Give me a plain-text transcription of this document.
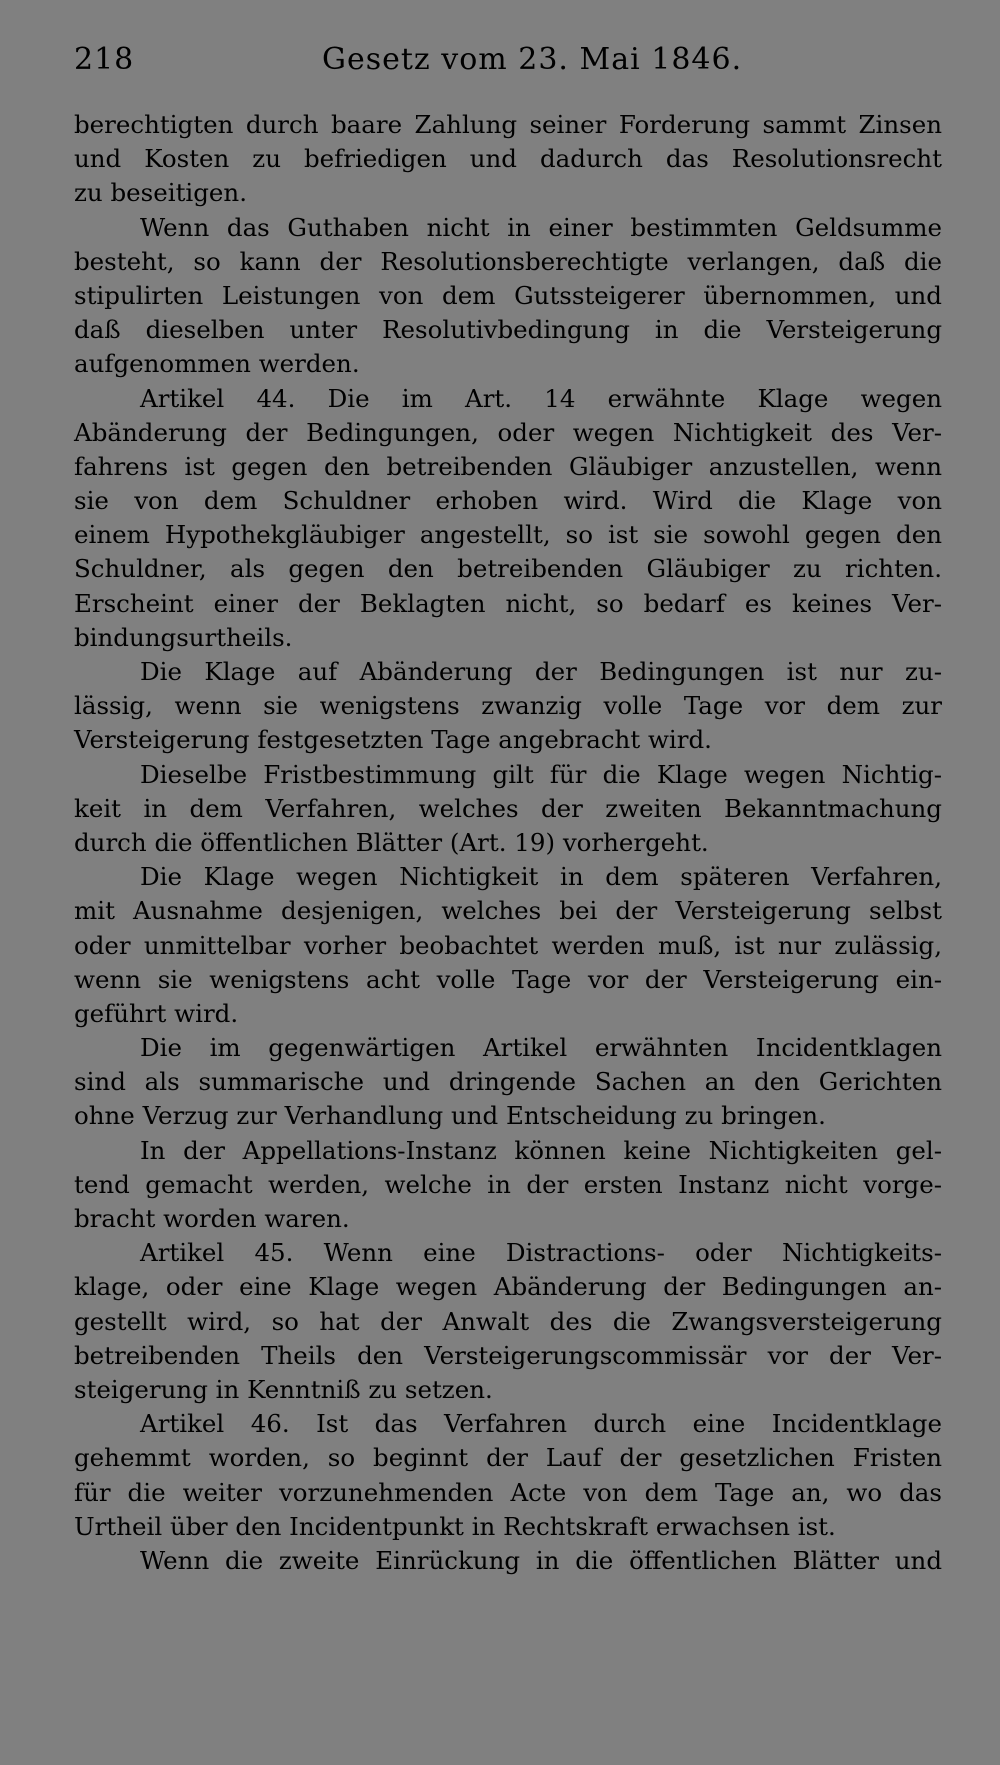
218	Gesetz vom 23. Mai 1846.
berechtigten durch baare Zahlung seiner Forderung sammt Zinsen
und Kosten zu befriedigen und dadurch das Resolutionsrecht
zu beseitigen.
Wenn das Guthaben nicht in einer bestimmten Geldsumme
besteht, so kann der Resolutionsberechtigte verlangen, daß die
stipulirten Leistungen von dem Gutssteigerer übernommen, und
daß dieselben unter Resolutivbedingung in die Versteigerung
aufgenommen werden.
Artikel 44. Die im Art. 14 erwähnte Klage wegen
Abänderung der Bedingungen, oder wegen Nichtigkeit des Ver-
fahrens ist gegen den betreibenden Gläubiger anzustellen, wenn
sie von dem Schuldner erhoben wird. Wird die Klage von
einem Hypothekgläubiger angestellt, so ist sie sowohl gegen den
Schuldner, als gegen den betreibenden Gläubiger zu richten.
Erscheint einer der Beklagten nicht, so bedarf es keines Ver-
bindungsurtheils.
Die Klage auf Abänderung der Bedingungen ist nur zu-
lässig, wenn sie wenigstens zwanzig volle Tage vor dem zur
Versteigerung festgesetzten Tage angebracht wird.
Dieselbe Fristbestimmung gilt für die Klage wegen Nichtig-
keit in dem Verfahren, welches der zweiten Bekanntmachung
durch die öffentlichen Blätter (Art. 19) vorhergeht.
Die Klage wegen Nichtigkeit in dem späteren Verfahren,
mit Ausnahme desjenigen, welches bei der Versteigerung selbst
oder unmittelbar vorher beobachtet werden muß, ist nur zulässig,
wenn sie wenigstens acht volle Tage vor der Versteigerung ein-
geführt wird.
Die im gegenwärtigen Artikel erwähnten Incidentklagen
sind als summarische und dringende Sachen an den Gerichten
ohne Verzug zur Verhandlung und Entscheidung zu bringen.
In der Appellations-Instanz können keine Nichtigkeiten gel-
tend gemacht werden, welche in der ersten Instanz nicht vorge-
bracht worden waren.
Artikel 45. Wenn eine Distractions- oder Nichtigkeits-
klage, oder eine Klage wegen Abänderung der Bedingungen an-
gestellt wird, so hat der Anwalt des die Zwangsversteigerung
betreibenden Theils den Versteigerungscommissär vor der Ver-
steigerung in Kenntniß zu setzen.
Artikel 46. Ist das Verfahren durch eine Incidentklage
gehemmt worden, so beginnt der Lauf der gesetzlichen Fristen
für die weiter vorzunehmenden Acte von dem Tage an, wo das
Urtheil über den Incidentpunkt in Rechtskraft erwachsen ist.
Wenn die zweite Einrückung in die öffentlichen Blätter und
